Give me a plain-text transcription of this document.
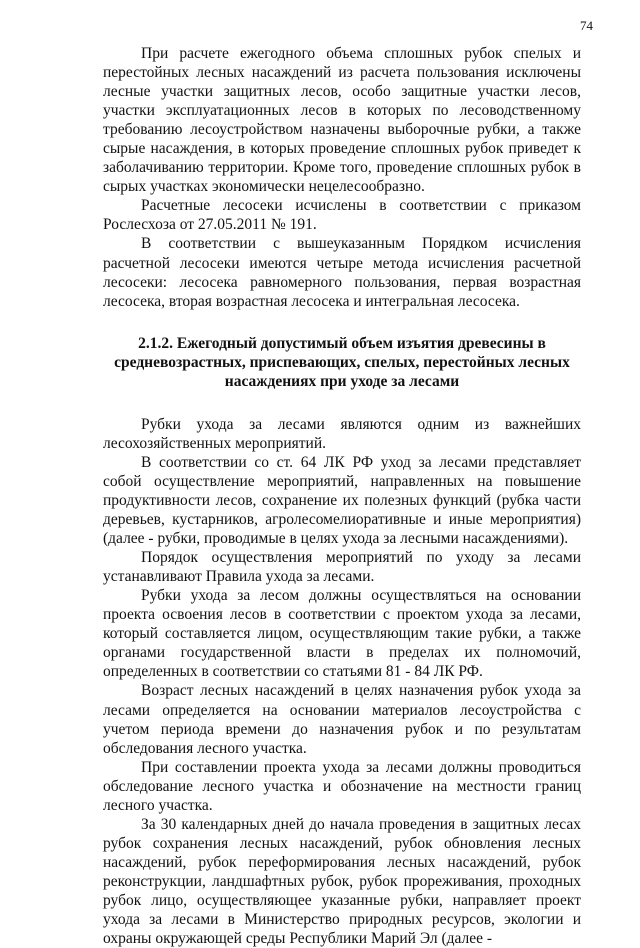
74

При расчете ежегодного объема сплошных рубок спелых и перестойных лесных насаждений из расчета пользования исключены лесные участки защитных лесов, особо защитные участки лесов, участки эксплуатационных лесов в которых по лесоводственному требованию лесоустройством назначены выборочные рубки, а также сырые насаждения, в которых проведение сплошных рубок приведет к заболачиванию территории. Кроме того, проведение сплошных рубок в сырых участках экономически нецелесообразно.

Расчетные лесосеки исчислены в соответствии с приказом Рослесхоза от 27.05.2011 № 191.

В соответствии с вышеуказанным Порядком исчисления расчетной лесосеки имеются четыре метода исчисления расчетной лесосеки: лесосека равномерного пользования, первая возрастная лесосека, вторая возрастная лесосека и интегральная лесосека.

2.1.2. Ежегодный допустимый объем изъятия древесины в средневозрастных, приспевающих, спелых, перестойных лесных насаждениях при уходе за лесами

Рубки ухода за лесами являются одним из важнейших лесохозяйственных мероприятий.

В соответствии со ст. 64 ЛК РФ уход за лесами представляет собой осуществление мероприятий, направленных на повышение продуктивности лесов, сохранение их полезных функций (рубка части деревьев, кустарников, агролесомелиоративные и иные мероприятия) (далее - рубки, проводимые в целях ухода за лесными насаждениями).

Порядок осуществления мероприятий по уходу за лесами устанавливают Правила ухода за лесами.

Рубки ухода за лесом должны осуществляться на основании проекта освоения лесов в соответствии с проектом ухода за лесами, который составляется лицом, осуществляющим такие рубки, а также органами государственной власти в пределах их полномочий, определенных в соответствии со статьями 81 - 84 ЛК РФ.

Возраст лесных насаждений в целях назначения рубок ухода за лесами определяется на основании материалов лесоустройства с учетом периода времени до назначения рубок и по результатам обследования лесного участка.

При составлении проекта ухода за лесами должны проводиться обследование лесного участка и обозначение на местности границ лесного участка.

За 30 календарных дней до начала проведения в защитных лесах рубок сохранения лесных насаждений, рубок обновления лесных насаждений, рубок переформирования лесных насаждений, рубок реконструкции, ландшафтных рубок, рубок прореживания, проходных рубок лицо, осуществляющее указанные рубки, направляет проект ухода за лесами в Министерство природных ресурсов, экологии и охраны окружающей среды Республики Марий Эл (далее -
